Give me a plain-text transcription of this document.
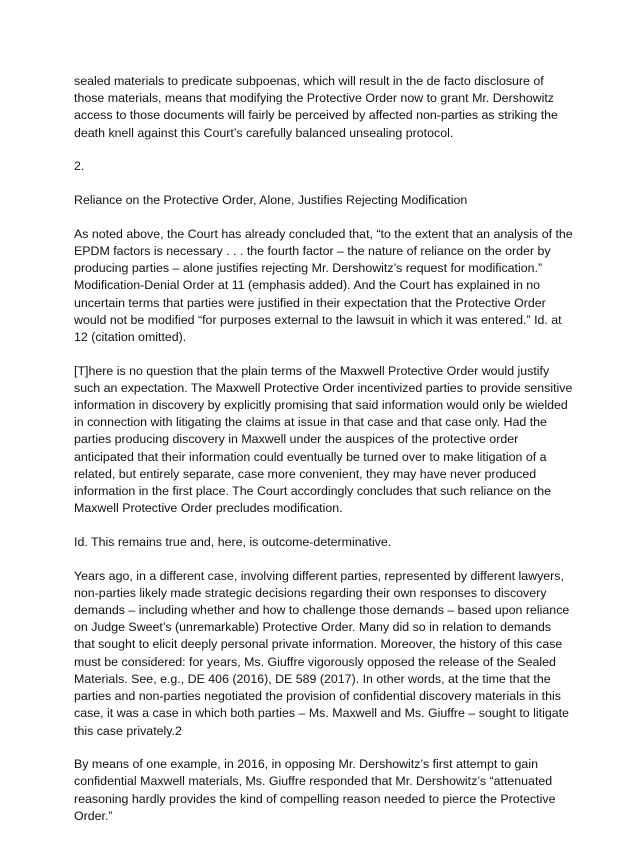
sealed materials to predicate subpoenas, which will result in the de facto disclosure of those materials, means that modifying the Protective Order now to grant Mr. Dershowitz access to those documents will fairly be perceived by affected non-parties as striking the death knell against this Court’s carefully balanced unsealing protocol.

2.

Reliance on the Protective Order, Alone, Justifies Rejecting Modification

As noted above, the Court has already concluded that, “to the extent that an analysis of the EPDM factors is necessary . . . the fourth factor – the nature of reliance on the order by producing parties – alone justifies rejecting Mr. Dershowitz’s request for modification.” Modification-Denial Order at 11 (emphasis added). And the Court has explained in no uncertain terms that parties were justified in their expectation that the Protective Order would not be modified “for purposes external to the lawsuit in which it was entered.” Id. at 12 (citation omitted).

[T]here is no question that the plain terms of the Maxwell Protective Order would justify such an expectation. The Maxwell Protective Order incentivized parties to provide sensitive information in discovery by explicitly promising that said information would only be wielded in connection with litigating the claims at issue in that case and that case only. Had the parties producing discovery in Maxwell under the auspices of the protective order anticipated that their information could eventually be turned over to make litigation of a related, but entirely separate, case more convenient, they may have never produced information in the first place. The Court accordingly concludes that such reliance on the Maxwell Protective Order precludes modification.

Id. This remains true and, here, is outcome-determinative.

Years ago, in a different case, involving different parties, represented by different lawyers, non-parties likely made strategic decisions regarding their own responses to discovery demands – including whether and how to challenge those demands – based upon reliance on Judge Sweet’s (unremarkable) Protective Order. Many did so in relation to demands that sought to elicit deeply personal private information. Moreover, the history of this case must be considered: for years, Ms. Giuffre vigorously opposed the release of the Sealed Materials. See, e.g., DE 406 (2016), DE 589 (2017). In other words, at the time that the parties and non-parties negotiated the provision of confidential discovery materials in this case, it was a case in which both parties – Ms. Maxwell and Ms. Giuffre – sought to litigate this case privately.2

By means of one example, in 2016, in opposing Mr. Dershowitz’s first attempt to gain confidential Maxwell materials, Ms. Giuffre responded that Mr. Dershowitz’s “attenuated reasoning hardly provides the kind of compelling reason needed to pierce the Protective Order.”
